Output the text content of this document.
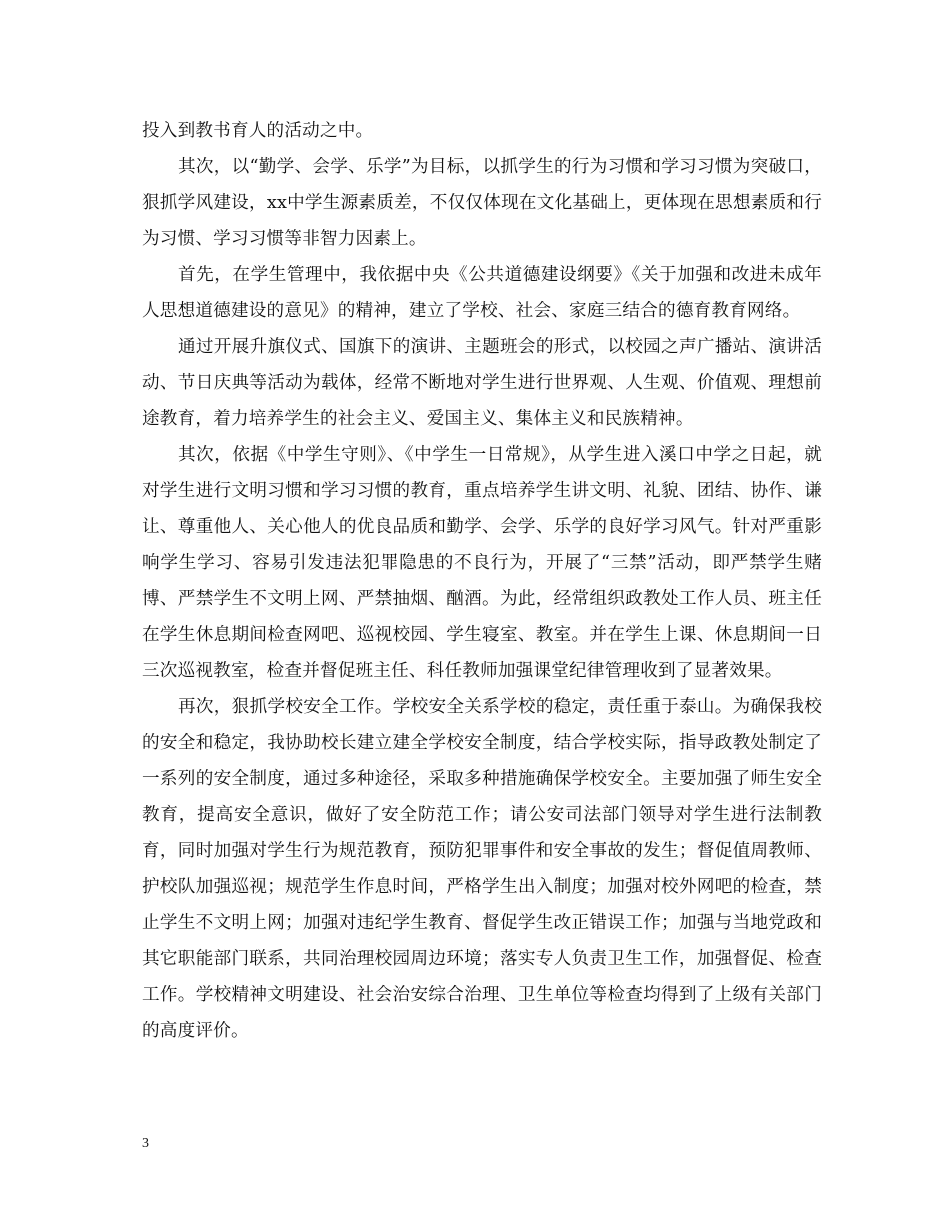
投入到教书育人的活动之中。

其次，以“勤学、会学、乐学”为目标，以抓学生的行为习惯和学习习惯为突破口，狠抓学风建设，xx中学生源素质差，不仅仅体现在文化基础上，更体现在思想素质和行为习惯、学习习惯等非智力因素上。

首先，在学生管理中，我依据中央《公共道德建设纲要》《关于加强和改进未成年人思想道德建设的意见》的精神，建立了学校、社会、家庭三结合的德育教育网络。

通过开展升旗仪式、国旗下的演讲、主题班会的形式，以校园之声广播站、演讲活动、节日庆典等活动为载体，经常不断地对学生进行世界观、人生观、价值观、理想前途教育，着力培养学生的社会主义、爱国主义、集体主义和民族精神。

其次，依据《中学生守则》、《中学生一日常规》，从学生进入溪口中学之日起，就对学生进行文明习惯和学习习惯的教育，重点培养学生讲文明、礼貌、团结、协作、谦让、尊重他人、关心他人的优良品质和勤学、会学、乐学的良好学习风气。针对严重影响学生学习、容易引发违法犯罪隐患的不良行为，开展了“三禁”活动，即严禁学生赌博、严禁学生不文明上网、严禁抽烟、酗酒。为此，经常组织政教处工作人员、班主任在学生休息期间检查网吧、巡视校园、学生寝室、教室。并在学生上课、休息期间一日三次巡视教室，检查并督促班主任、科任教师加强课堂纪律管理收到了显著效果。

再次，狠抓学校安全工作。学校安全关系学校的稳定，责任重于泰山。为确保我校的安全和稳定，我协助校长建立建全学校安全制度，结合学校实际，指导政教处制定了一系列的安全制度，通过多种途径，采取多种措施确保学校安全。主要加强了师生安全教育，提高安全意识，做好了安全防范工作；请公安司法部门领导对学生进行法制教育，同时加强对学生行为规范教育，预防犯罪事件和安全事故的发生；督促值周教师、护校队加强巡视；规范学生作息时间，严格学生出入制度；加强对校外网吧的检查，禁止学生不文明上网；加强对违纪学生教育、督促学生改正错误工作；加强与当地党政和其它职能部门联系，共同治理校园周边环境；落实专人负责卫生工作，加强督促、检查工作。学校精神文明建设、社会治安综合治理、卫生单位等检查均得到了上级有关部门的高度评价。

3
